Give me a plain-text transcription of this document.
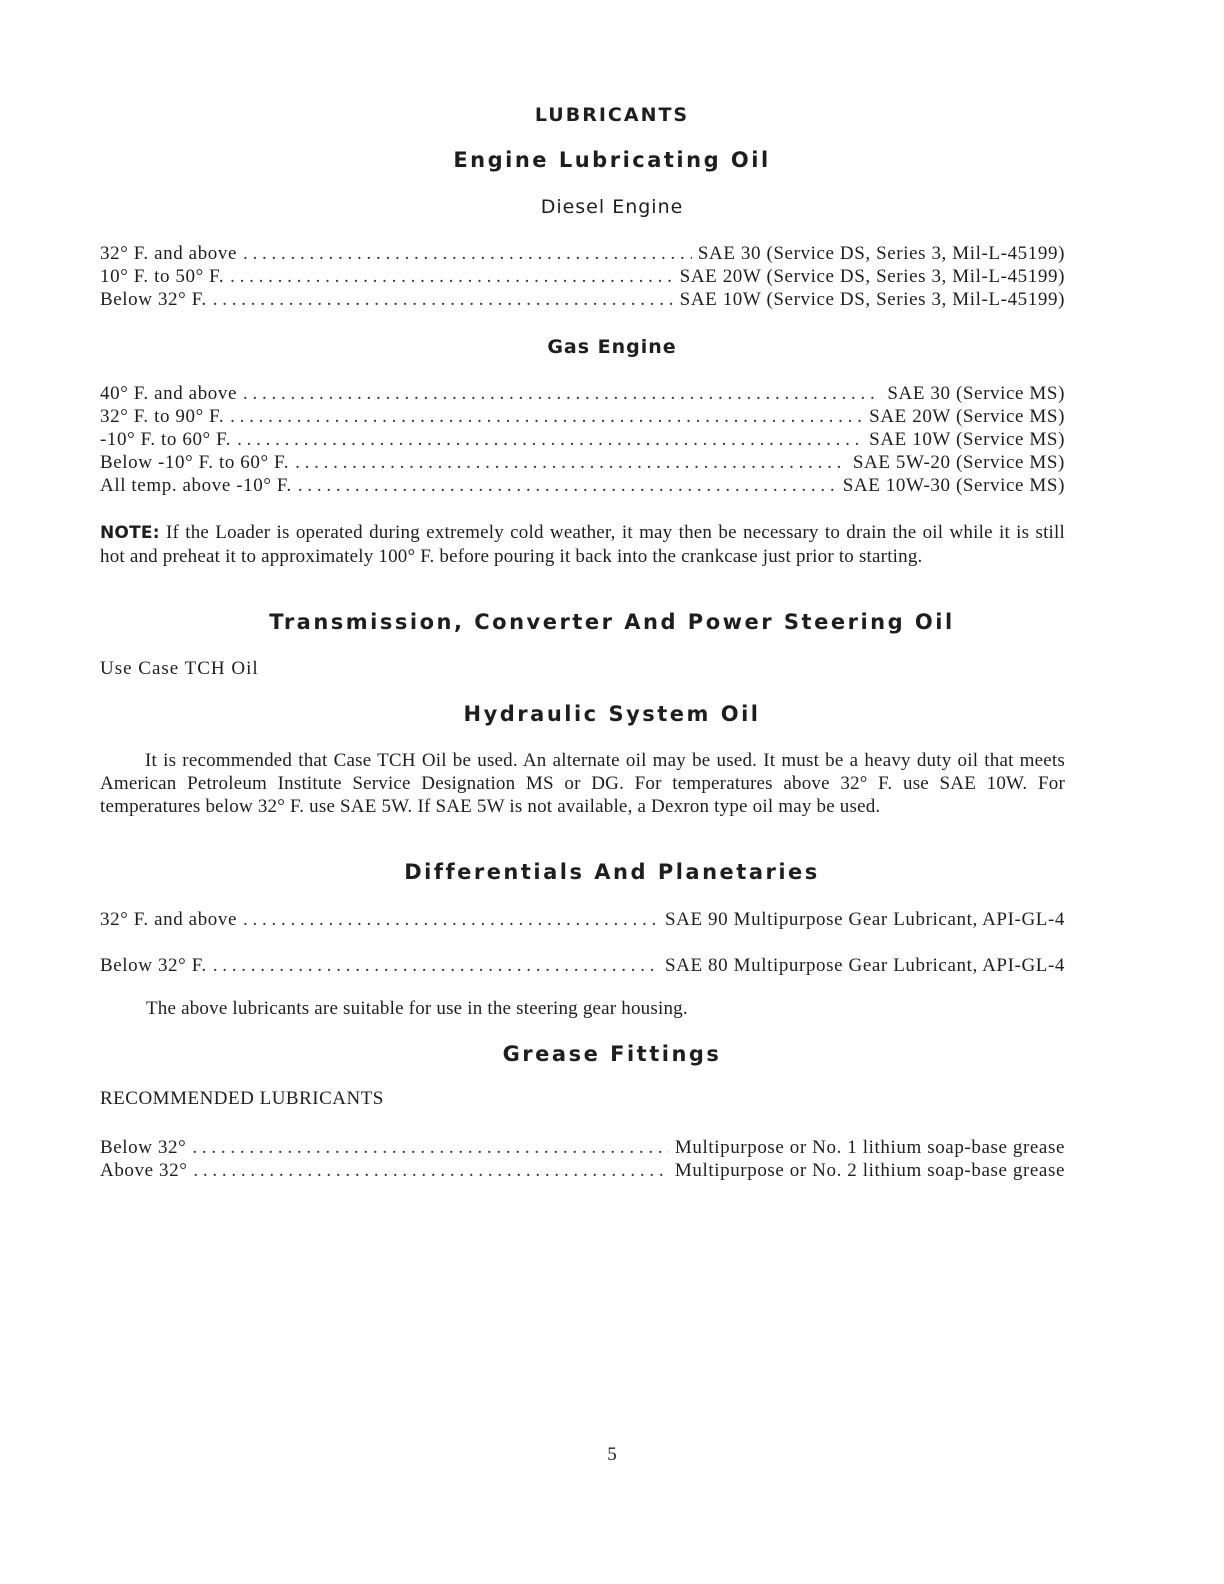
LUBRICANTS
Engine Lubricating Oil
Diesel Engine
32° F. and above . . .	SAE 30 (Service DS, Series 3, Mil-L-45199)
10° F. to 50° F. . . .	SAE 20W (Service DS, Series 3, Mil-L-45199)
Below 32° F. . . .	SAE 10W (Service DS, Series 3, Mil-L-45199)
Gas Engine
40° F. and above . . .	SAE 30 (Service MS)
32° F. to 90° F. . . .	SAE 20W (Service MS)
-10° F. to 60° F. . . .	SAE 10W (Service MS)
Below -10° F. to 60° F. . . .	SAE 5W-20 (Service MS)
All temp. above -10° F. . . .	SAE 10W-30 (Service MS)
NOTE: If the Loader is operated during extremely cold weather, it may then be necessary to drain the oil while it is still hot and preheat it to approximately 100° F. before pouring it back into the crankcase just prior to starting.
Transmission, Converter And Power Steering Oil
Use Case TCH Oil
Hydraulic System Oil
It is recommended that Case TCH Oil be used. An alternate oil may be used. It must be a heavy duty oil that meets American Petroleum Institute Service Designation MS or DG. For temperatures above 32° F. use SAE 10W. For temperatures below 32° F. use SAE 5W. If SAE 5W is not available, a Dexron type oil may be used.
Differentials And Planetaries
32° F. and above . . .	SAE 90 Multipurpose Gear Lubricant, API-GL-4
Below 32° F. . . .	SAE 80 Multipurpose Gear Lubricant, API-GL-4
The above lubricants are suitable for use in the steering gear housing.
Grease Fittings
RECOMMENDED LUBRICANTS
Below 32° . . .	Multipurpose or No. 1 lithium soap-base grease
Above 32° . . .	Multipurpose or No. 2 lithium soap-base grease
5
